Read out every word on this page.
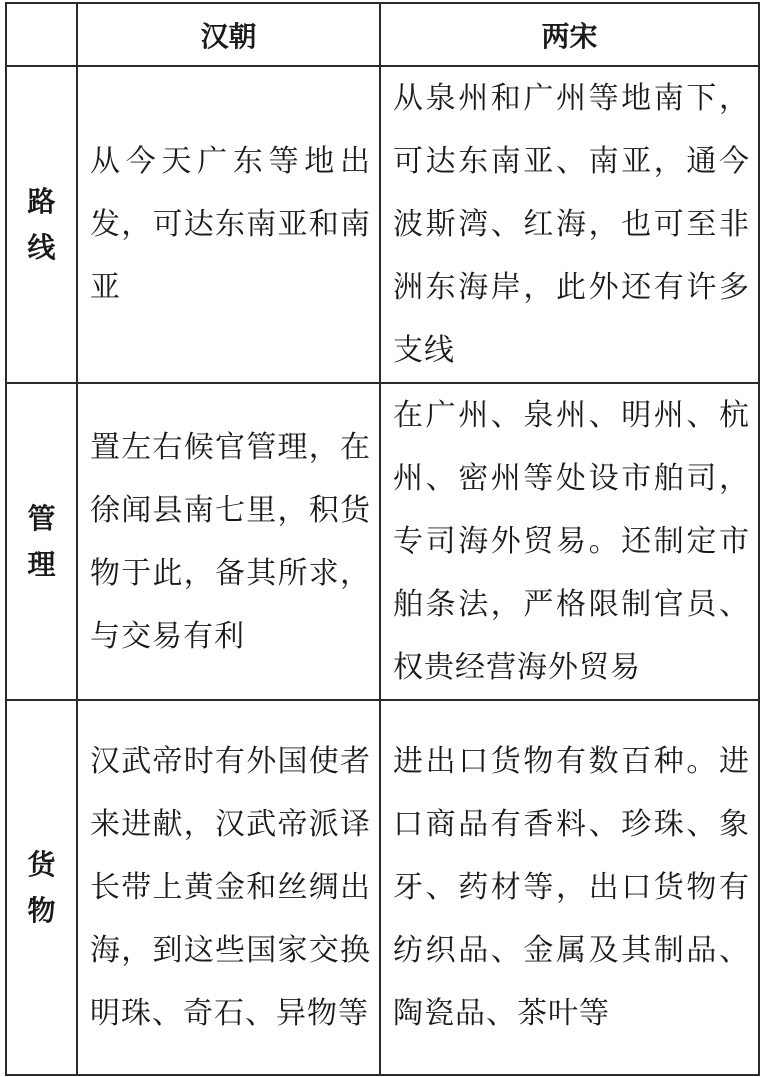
	汉朝	两宋

路
线	从今天广东等地出发，可达东南亚和南亚	从泉州和广州等地南下，可达东南亚、南亚，通今波斯湾、红海，也可至非洲东海岸，此外还有许多支线

管
理	置左右候官管理，在徐闻县南七里，积货物于此，备其所求，与交易有利	在广州、泉州、明州、杭州、密州等处设市舶司，专司海外贸易。还制定市舶条法，严格限制官员、权贵经营海外贸易

货
物	汉武帝时有外国使者来进献，汉武帝派译长带上黄金和丝绸出海，到这些国家交换明珠、奇石、异物等	进出口货物有数百种。进口商品有香料、珍珠、象牙、药材等，出口货物有纺织品、金属及其制品、陶瓷品、茶叶等
